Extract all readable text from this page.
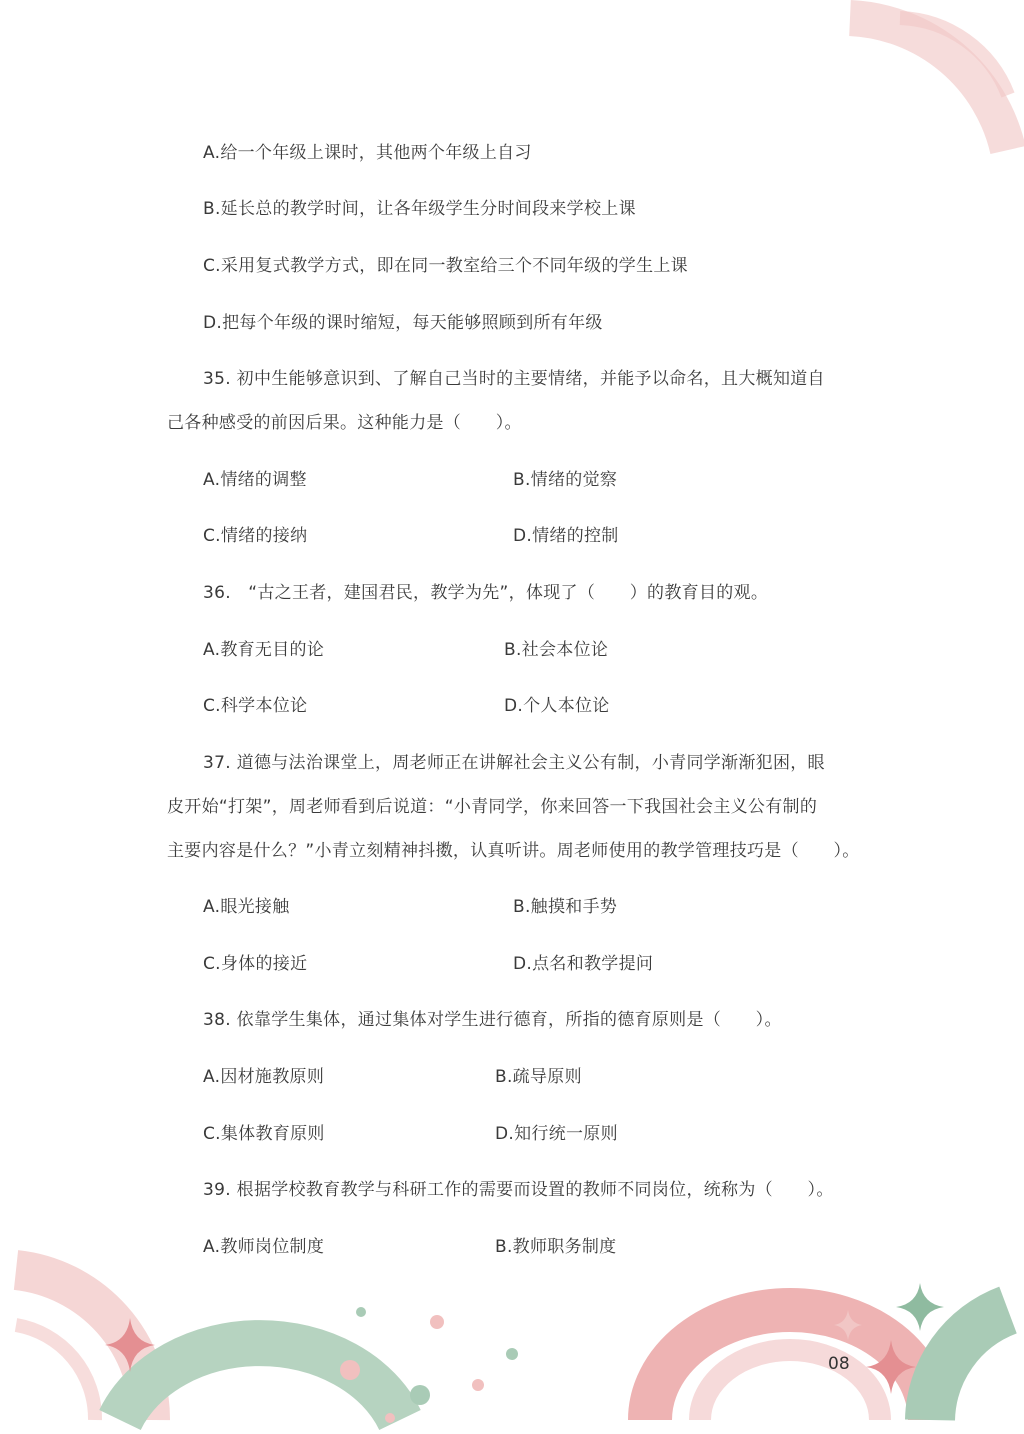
A.给一个年级上课时，其他两个年级上自习
B.延长总的教学时间，让各年级学生分时间段来学校上课
C.采用复式教学方式，即在同一教室给三个不同年级的学生上课
D.把每个年级的课时缩短，每天能够照顾到所有年级
35. 初中生能够意识到、了解自己当时的主要情绪，并能予以命名，且大概知道自
己各种感受的前因后果。这种能力是（　　）。
A.情绪的调整	B.情绪的觉察
C.情绪的接纳	D.情绪的控制
36.　“古之王者，建国君民，教学为先”，体现了（　　）的教育目的观。
A.教育无目的论	B.社会本位论
C.科学本位论	D.个人本位论
37. 道德与法治课堂上，周老师正在讲解社会主义公有制，小青同学渐渐犯困，眼
皮开始“打架”，周老师看到后说道：“小青同学，你来回答一下我国社会主义公有制的
主要内容是什么？”小青立刻精神抖擞，认真听讲。周老师使用的教学管理技巧是（　　）。
A.眼光接触	B.触摸和手势
C.身体的接近	D.点名和教学提问
38. 依靠学生集体，通过集体对学生进行德育，所指的德育原则是（　　）。
A.因材施教原则	B.疏导原则
C.集体教育原则	D.知行统一原则
39. 根据学校教育教学与科研工作的需要而设置的教师不同岗位，统称为（　　）。
A.教师岗位制度	B.教师职务制度
08
